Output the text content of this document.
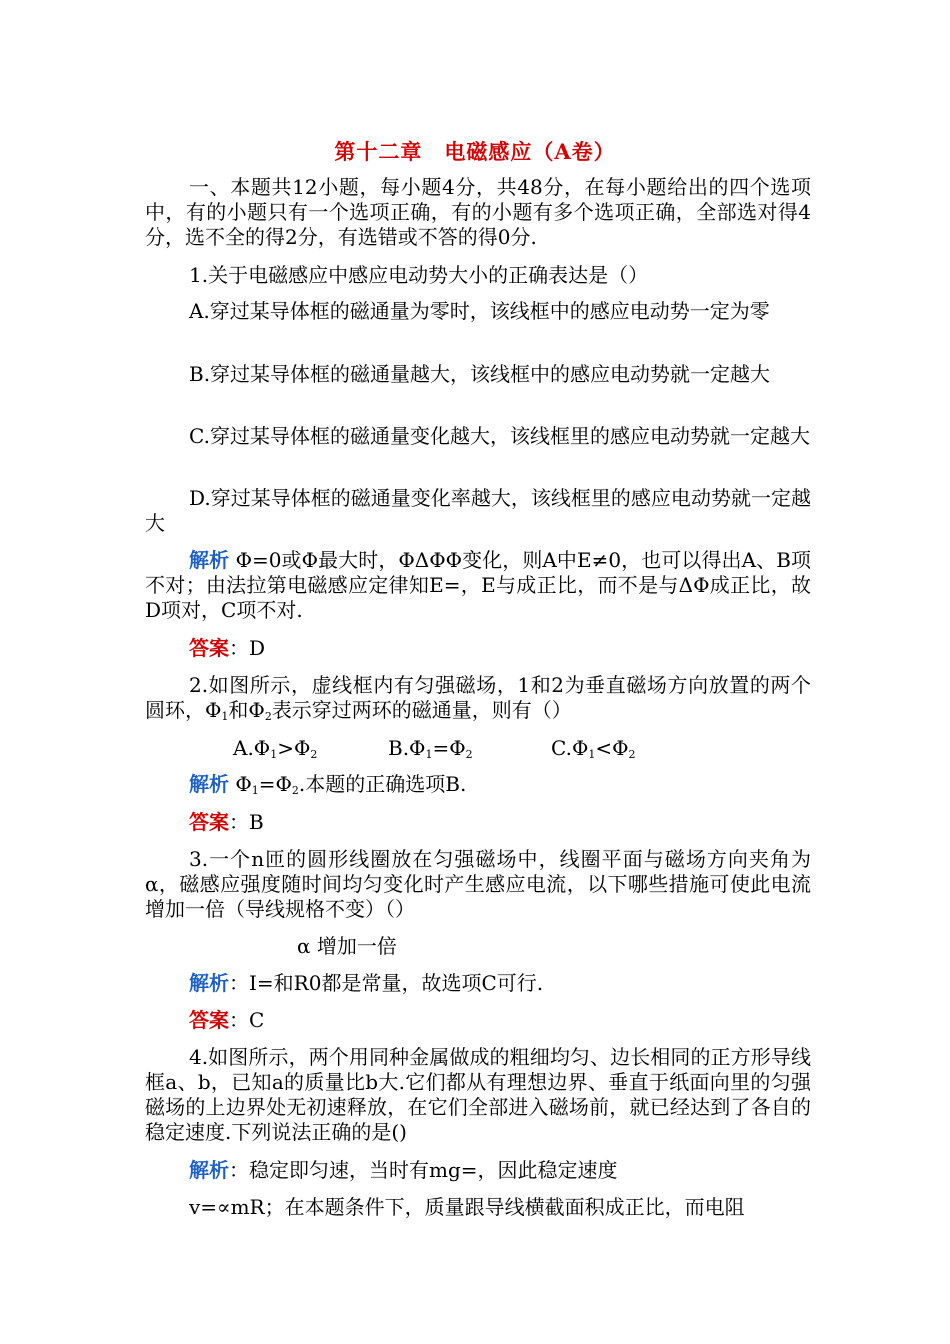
第十二章　电磁感应（A卷）
一、本题共12小题，每小题4分，共48分，在每小题给出的四个选项中，有的小题只有一个选项正确，有的小题有多个选项正确，全部选对得4分，选不全的得2分，有选错或不答的得0分.
1.关于电磁感应中感应电动势大小的正确表达是（）
A.穿过某导体框的磁通量为零时，该线框中的感应电动势一定为零
B.穿过某导体框的磁通量越大，该线框中的感应电动势就一定越大
C.穿过某导体框的磁通量变化越大，该线框里的感应电动势就一定越大
D.穿过某导体框的磁通量变化率越大，该线框里的感应电动势就一定越大
解析 Φ=0或Φ最大时，ΦΔΦΦ变化，则A中E≠0，也可以得出A、B项不对；由法拉第电磁感应定律知E=，E与成正比，而不是与ΔΦ成正比，故D项对，C项不对.
答案：D
2.如图所示，虚线框内有匀强磁场，1和2为垂直磁场方向放置的两个圆环，$\Phi_1$和$\Phi_2$表示穿过两环的磁通量，则有（）
$A.\Phi_1>\Phi_2$	$B.\Phi_1=\Phi_2$	$C.\Phi_1<\Phi_2$
解析 $\Phi_1=\Phi_2$.本题的正确选项B.
答案：B
3.一个n匝的圆形线圈放在匀强磁场中，线圈平面与磁场方向夹角为α，磁感应强度随时间均匀变化时产生感应电流，以下哪些措施可使此电流增加一倍（导线规格不变）（）
α 增加一倍
解析：I=和R0都是常量，故选项C可行.
答案：C
4.如图所示，两个用同种金属做成的粗细均匀、边长相同的正方形导线框a、b，已知a的质量比b大.它们都从有理想边界、垂直于纸面向里的匀强磁场的上边界处无初速释放，在它们全部进入磁场前，就已经达到了各自的稳定速度.下列说法正确的是()
解析：稳定即匀速，当时有mg=，因此稳定速度
v=∝mR；在本题条件下，质量跟导线横截面积成正比，而电阻
